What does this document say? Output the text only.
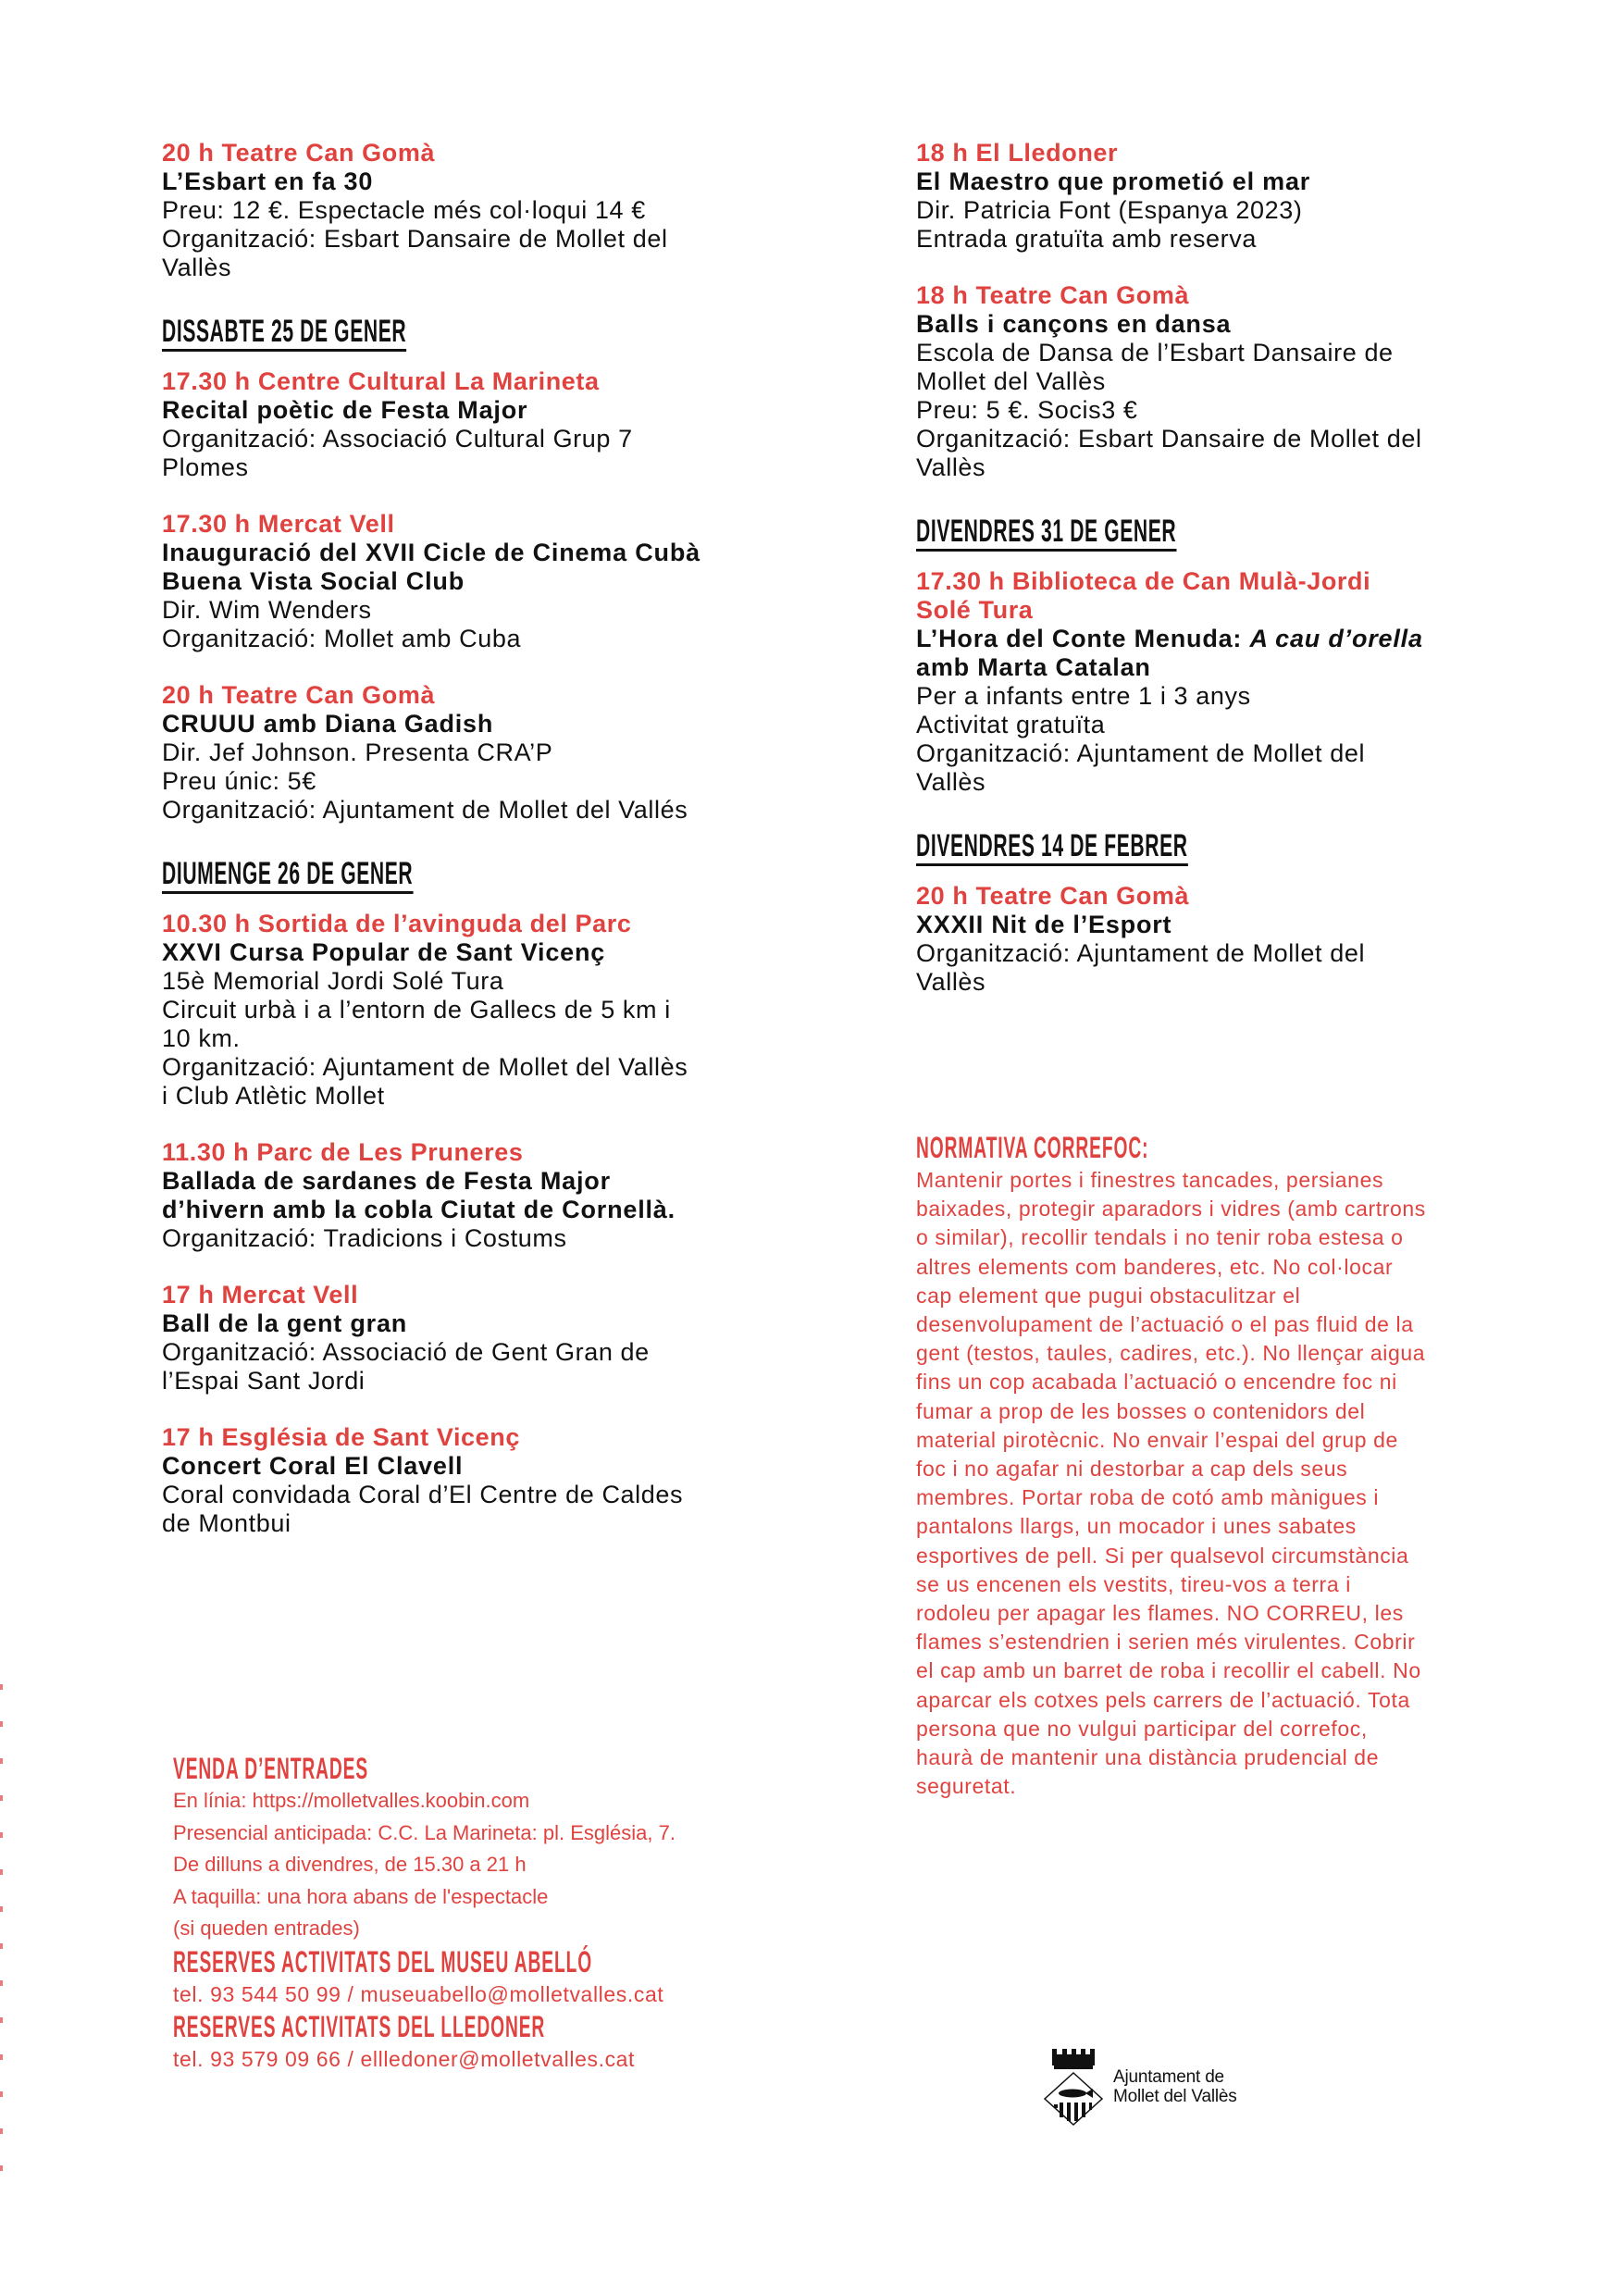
20 h Teatre Can Gomà
L’Esbart en fa 30
Preu: 12 €. Espectacle més col·loqui 14 €
Organització: Esbart Dansaire de Mollet del
Vallès
DISSABTE 25 DE GENER
17.30 h Centre Cultural La Marineta
Recital poètic de Festa Major
Organització: Associació Cultural Grup 7
Plomes
17.30 h Mercat Vell
Inauguració del XVII Cicle de Cinema Cubà
Buena Vista Social Club
Dir. Wim Wenders
Organització: Mollet amb Cuba
20 h Teatre Can Gomà
CRUUU amb Diana Gadish
Dir. Jef Johnson. Presenta CRA’P
Preu únic: 5€
Organització: Ajuntament de Mollet del Vallés
DIUMENGE 26 DE GENER
10.30 h Sortida de l’avinguda del Parc
XXVI Cursa Popular de Sant Vicenç
15è Memorial Jordi Solé Tura
Circuit urbà i a l’entorn de Gallecs de 5 km i
10 km.
Organització: Ajuntament de Mollet del Vallès
i Club Atlètic Mollet
11.30 h Parc de Les Pruneres
Ballada de sardanes de Festa Major
d’hivern amb la cobla Ciutat de Cornellà.
Organització: Tradicions i Costums
17 h Mercat Vell
Ball de la gent gran
Organització: Associació de Gent Gran de
l’Espai Sant Jordi
17 h Església de Sant Vicenç
Concert Coral El Clavell
Coral convidada Coral d’El Centre de Caldes
de Montbui
18 h El Lledoner
El Maestro que prometió el mar
Dir. Patricia Font (Espanya 2023)
Entrada gratuïta amb reserva
18 h Teatre Can Gomà
Balls i cançons en dansa
Escola de Dansa de l’Esbart Dansaire de
Mollet del Vallès
Preu: 5 €. Socis3 €
Organització: Esbart Dansaire de Mollet del
Vallès
DIVENDRES 31 DE GENER
17.30 h Biblioteca de Can Mulà-Jordi
Solé Tura
L’Hora del Conte Menuda: A cau d’orella
amb Marta Catalan
Per a infants entre 1 i 3 anys
Activitat gratuïta
Organització: Ajuntament de Mollet del
Vallès
DIVENDRES 14 DE FEBRER
20 h Teatre Can Gomà
XXXII Nit de l’Esport
Organització: Ajuntament de Mollet del
Vallès
NORMATIVA CORREFOC:
Mantenir portes i finestres tancades, persianes
baixades, protegir aparadors i vidres (amb cartrons
o similar), recollir tendals i no tenir roba estesa o
altres elements com banderes, etc. No col·locar
cap element que pugui obstaculitzar el
desenvolupament de l’actuació o el pas fluid de la
gent (testos, taules, cadires, etc.). No llençar aigua
fins un cop acabada l’actuació o encendre foc ni
fumar a prop de les bosses o contenidors del
material pirotècnic. No envair l’espai del grup de
foc i no agafar ni destorbar a cap dels seus
membres. Portar roba de cotó amb mànigues i
pantalons llargs, un mocador i unes sabates
esportives de pell. Si per qualsevol circumstància
se us encenen els vestits, tireu-vos a terra i
rodoleu per apagar les flames. NO CORREU, les
flames s’estendrien i serien més virulentes. Cobrir
el cap amb un barret de roba i recollir el cabell. No
aparcar els cotxes pels carrers de l’actuació. Tota
persona que no vulgui participar del correfoc,
haurà de mantenir una distància prudencial de
seguretat.
VENDA D’ENTRADES
En línia: https://molletvalles.koobin.com
Presencial anticipada: C.C. La Marineta: pl. Església, 7.
De dilluns a divendres, de 15.30 a 21 h
A taquilla: una hora abans de l'espectacle
(si queden entrades)
RESERVES ACTIVITATS DEL MUSEU ABELLÓ
tel. 93 544 50 99 / museuabello@molletvalles.cat
RESERVES ACTIVITATS DEL LLEDONER
tel. 93 579 09 66 / ellledoner@molletvalles.cat
Ajuntament de
Mollet del Vallès
